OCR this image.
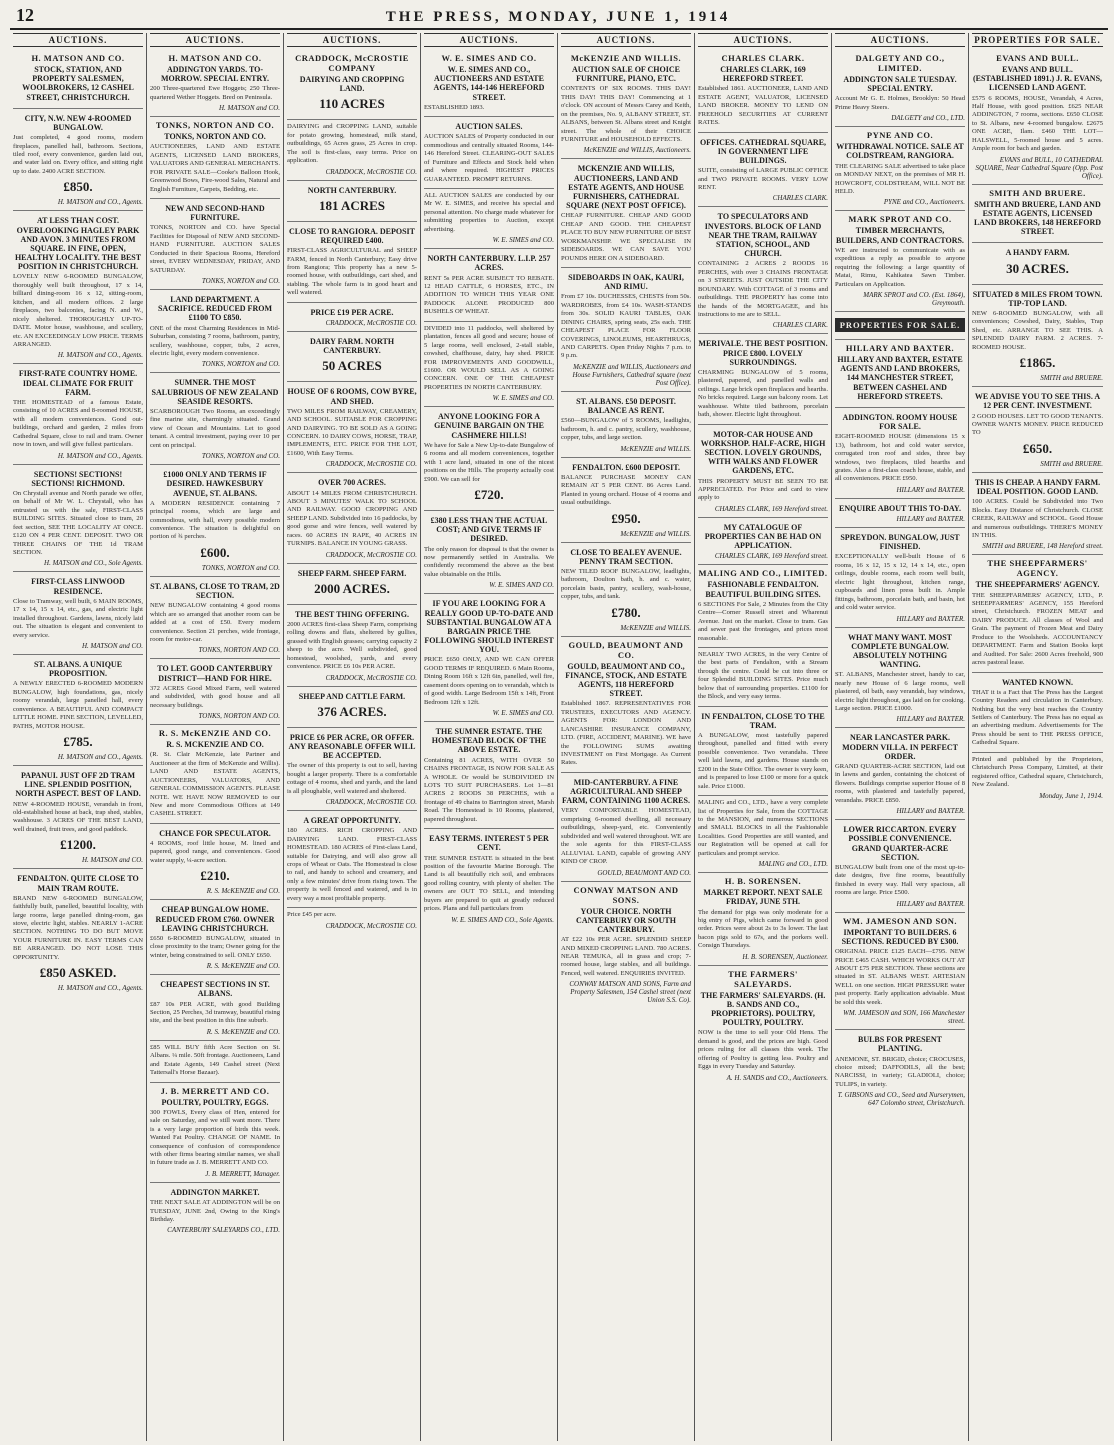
12	THE PRESS, MONDAY, JUNE 1, 1914
AUCTIONS.
H. MATSON AND CO.
STOCK, STATION, AND PROPERTY SALESMEN, WOOLBROKERS, 12 CASHEL STREET, CHRISTCHURCH.
CITY, N.W. NEW 4-ROOMED BUNGALOW.
Just completed, 4 good rooms, modern fireplaces, panelled hall, bathroom. Sections, tiled roof, every convenience, garden laid out, and water laid on. Every office, and sitting right up to date. 2400 ACRE SECTION.
£850.
H. MATSON and CO., Agents.
AT LESS THAN COST. OVERLOOKING HAGLEY PARK AND AVON. 3 MINUTES FROM SQUARE. IN FINE, OPEN, HEALTHY LOCALITY. THE BEST POSITION IN CHRISTCHURCH.
LOVELY NEW 6-ROOMED BUNGALOW, thoroughly well built throughout, 17 x 14, billiard dining-room 16 x 12, sitting-room, kitchen, and all modern offices. 2 large fireplaces, two balconies, facing N. and W., nicely sheltered. THOROUGHLY UP-TO-DATE. Motor house, washhouse, and scullery, etc. AN EXCEEDINGLY LOW PRICE. TERMS ARRANGED.
H. MATSON and CO., Agents.
FIRST-RATE COUNTRY HOME. IDEAL CLIMATE FOR FRUIT FARM.
THE HOMESTEAD of a famous Estate, consisting of 10 ACRES and 8-roomed HOUSE, with all modern conveniences. Good out-buildings, orchard and garden, 2 miles from Cathedral Square, close to rail and tram. Owner now in town, and will give fullest particulars.
H. MATSON and CO., Agents.
SECTIONS! SECTIONS! SECTIONS! RICHMOND.
On Chrystall avenue and North parade we offer, on behalf of Mr W. L. Chrystall, who has entrusted us with the sale, FIRST-CLASS BUILDING SITES. Situated close to tram, 20 feet section, SEE THE LOCALITY AT ONCE. £120 ON 4 PER CENT. DEPOSIT. TWO OR THREE CHAINS OF THE 1d TRAM SECTION.
H. MATSON and CO., Sole Agents.
FIRST-CLASS LINWOOD RESIDENCE.
Close to Tramway, well built, 6 MAIN ROOMS, 17 x 14, 15 x 14, etc., gas, and electric light installed throughout. Gardens, lawns, nicely laid out. The situation is elegant and convenient to every service.
H. MATSON and CO.
ST. ALBANS. A UNIQUE PROPOSITION.
A NEWLY ERECTED 6-ROOMED MODERN BUNGALOW, high foundations, gas, nicely roomy verandah, large panelled hall, every convenience. A BEAUTIFUL AND COMPACT LITTLE HOME. FINE SECTION, LEVELLED, PATHS, MOTOR HOUSE.
£785.
H. MATSON and CO., Agents.
PAPANUI. JUST OFF 2D TRAM LINE. SPLENDID POSITION, NORTH ASPECT. BEST OF LAND.
NEW 4-ROOMED HOUSE, verandah in front, old-established house at back, trap shed, stables, washhouse. 3 ACRES OF THE BEST LAND, well drained, fruit trees, and good paddock.
£1200.
H. MATSON and CO.
FENDALTON. QUITE CLOSE TO MAIN TRAM ROUTE.
BRAND NEW 6-ROOMED BUNGALOW, faithfully built, panelled, beautiful locality, with large rooms, large panelled dining-room, gas stove, electric light, stables. NEARLY 1-ACRE SECTION. NOTHING TO DO BUT MOVE YOUR FURNITURE IN. EASY TERMS CAN BE ARRANGED. DO NOT LOSE THIS OPPORTUNITY.
£850 ASKED.
H. MATSON and CO., Agents.
AUCTIONS.
H. MATSON AND CO.
ADDINGTON YARDS. TO-MORROW. SPECIAL ENTRY.
200 Three-quartered Ewe Hoggets; 250 Three-quartered Wether Hoggets. Bred on Peninsula.
H. MATSON and CO.
TONKS, NORTON AND CO.
TONKS, NORTON AND CO.
AUCTIONEERS, LAND AND ESTATE AGENTS, LICENSED LAND BROKERS, VALUATORS AND GENERAL MERCHANTS. FOR PRIVATE SALE—Cooke's Balloon Hook, Greenwood Bows, Fire-wood Sales, Natural and English Furniture, Carpets, Bedding, etc.
NEW AND SECOND-HAND FURNITURE.
TONKS, NORTON and CO. have Special Facilities for Disposal of NEW AND SECOND-HAND FURNITURE. AUCTION SALES Conducted in their Spacious Rooms, Hereford street, EVERY WEDNESDAY, FRIDAY, AND SATURDAY.
TONKS, NORTON and CO.
LAND DEPARTMENT. A SACRIFICE. REDUCED FROM £1100 TO £850.
ONE of the most Charming Residences in Mid-Suburban, consisting 7 rooms, bathroom, pantry, scullery, washhouse, copper, tubs, 2 acres, electric light, every modern convenience.
TONKS, NORTON and CO.
SUMNER. THE MOST SALUBRIOUS OF NEW ZEALAND SEASIDE RESORTS.
SCARBOROUGH Two Rooms, an exceedingly fine marine site, charmingly situated. Grand view of Ocean and Mountains. Let to good tenant. A central investment, paying over 10 per cent on principal.
TONKS, NORTON and CO.
£1000 ONLY AND TERMS IF DESIRED. HAWKESBURY AVENUE, ST. ALBANS.
A MODERN RESIDENCE containing 7 principal rooms, which are large and commodious, with hall, every possible modern convenience. The situation is delightful on portion of ¾ perches.
£600.
TONKS, NORTON and CO.
ST. ALBANS, CLOSE TO TRAM, 2D SECTION.
NEW BUNGALOW containing 4 good rooms which are so arranged that another room can be added at a cost of £50. Every modern convenience. Section 21 perches, wide frontage, room for motor-car.
TONKS, NORTON AND CO.
TO LET. GOOD CANTERBURY DISTRICT—HAND FOR HIRE.
372 ACRES Good Mixed Farm, well watered and subdivided, with good house and all necessary buildings.
TONKS, NORTON AND CO.
R. S. McKENZIE AND CO.
R. S. MCKENZIE AND CO.
(R. St. Clair McKenzie, late Partner and Auctioneer at the firm of McKenzie and Willis). LAND AND ESTATE AGENTS, AUCTIONEERS, VALUATORS, AND GENERAL COMMISSION AGENTS. PLEASE NOTE. WE HAVE NOW REMOVED to our New and more Commodious Offices at 149 CASHEL STREET.
CHANCE FOR SPECULATOR.
4 ROOMS, roof little house, M. lined and papered, good range, and conveniences. Good water supply, ¼-acre section.
£210.
R. S. McKENZIE and CO.
CHEAP BUNGALOW HOME. REDUCED FROM £760. OWNER LEAVING CHRISTCHURCH.
£650 6-ROOMED BUNGALOW, situated in close proximity to the tram; Owner going for the winter, being constrained to sell. ONLY £650.
R. S. McKENZIE and CO.
CHEAPEST SECTIONS IN ST. ALBANS.
£87 10s PER ACRE, with good Building Section, 25 Perches, 3d tramway, beautiful rising site, and the best position in this fine suburb.
R. S. McKENZIE and CO.
£85 WILL BUY fifth Acre Section on St. Albans. ¼ mile. 50ft frontage. Auctioneers, Land and Estate Agents, 149 Cashel street (Next Tattersall's Horse Bazaar).
J. B. MERRETT AND CO.
POULTRY, POULTRY, EGGS.
300 FOWLS, Every class of Hen, entered for sale on Saturday, and we still want more. There is a very large proportion of birds this week. Wanted Fat Poultry. CHANGE OF NAME. In consequence of confusion of correspondence with other firms bearing similar names, we shall in future trade as J. B. MERRETT AND CO.
J. B. MERRETT, Manager.
ADDINGTON MARKET.
THE NEXT SALE AT ADDINGTON will be on TUESDAY, JUNE 2nd, Owing to the King's Birthday.
CANTERBURY SALEYARDS CO., LTD.
AUCTIONS.
CRADDOCK, McCROSTIE COMPANY
DAIRYING AND CROPPING LAND.
110 ACRES
DAIRYING and CROPPING LAND, suitable for potato growing, homestead, milk stand, outbuildings, 65 Acres grass, 25 Acres in crop. The soil is first-class, easy terms. Price on application.
CRADDOCK, McCROSTIE CO.
NORTH CANTERBURY.
181 ACRES
CLOSE TO RANGIORA. DEPOSIT REQUIRED £400.
FIRST-CLASS AGRICULTURAL and SHEEP FARM, fenced in North Canterbury; Easy drive from Rangiora; This property has a new 5-roomed house, with outbuildings, cart shed, and stabling. The whole farm is in good heart and well watered.
PRICE £19 PER ACRE.
CRADDOCK, McCROSTIE CO.
DAIRY FARM. NORTH CANTERBURY.
50 ACRES
HOUSE OF 6 ROOMS, COW BYRE, AND SHED.
TWO MILES FROM RAILWAY, CREAMERY, AND SCHOOL. SUITABLE FOR CROPPING AND DAIRYING. TO BE SOLD AS A GOING CONCERN. 10 DAIRY COWS, HORSE, TRAP, IMPLEMENTS, ETC. PRICE FOR THE LOT, £1600, With Easy Terms.
CRADDOCK, McCROSTIE CO.
OVER 700 ACRES.
ABOUT 14 MILES FROM CHRISTCHURCH. ABOUT 3 MINUTES' WALK TO SCHOOL AND RAILWAY. GOOD CROPPING AND SHEEP LAND. Subdivided into 16 paddocks, by good gorse and wire fences, well watered by races. 60 ACRES IN RAPE, 40 ACRES IN TURNIPS. BALANCE IN YOUNG GRASS.
CRADDOCK, McCROSTIE CO.
SHEEP FARM. SHEEP FARM.
2000 ACRES.
THE BEST THING OFFERING.
2000 ACRES first-class Sheep Farm, comprising rolling downs and flats, sheltered by gullies, grassed with English grasses; carrying capacity 2 sheep to the acre. Well subdivided, good homestead, woolshed, yards, and every convenience. PRICE £6 10s PER ACRE.
CRADDOCK, McCROSTIE CO.
SHEEP AND CATTLE FARM.
376 ACRES.
PRICE £6 PER ACRE, OR OFFER. ANY REASONABLE OFFER WILL BE ACCEPTED.
The owner of this property is out to sell, having bought a larger property. There is a comfortable cottage of 4 rooms, shed and yards, and the land is all ploughable, well watered and sheltered.
CRADDOCK, McCROSTIE CO.
A GREAT OPPORTUNITY.
180 ACRES. RICH CROPPING AND DAIRYING LAND. FIRST-CLASS HOMESTEAD. 180 ACRES of First-class Land, suitable for Dairying, and will also grow all crops of Wheat or Oats. The Homestead is close to rail, and handy to school and creamery, and only a few minutes' drive from rising town. The property is well fenced and watered, and is in every way a most profitable property.
Price £45 per acre.
CRADDOCK, McCROSTIE CO.
AUCTIONS.
W. E. SIMES AND CO.
W. E. SIMES AND CO., AUCTIONEERS AND ESTATE AGENTS, 144-146 HEREFORD STREET.
ESTABLISHED 1893.
AUCTION SALES.
AUCTION SALES of Property conducted in our commodious and centrally situated Rooms, 144-146 Hereford Street. CLEARING-OUT SALES of Furniture and Effects and Stock held when and where required. HIGHEST PRICES GUARANTEED. PROMPT RETURNS.
ALL AUCTION SALES are conducted by our Mr W. E. SIMES, and receive his special and personal attention. No charge made whatever for submitting properties to Auction, except advertising.
W. E. SIMES and CO.
NORTH CANTERBURY. L.I.P. 257 ACRES.
RENT 5s PER ACRE SUBJECT TO REBATE. 12 HEAD CATTLE, 6 HORSES, ETC., IN ADDITION TO WHICH THIS YEAR ONE PADDOCK ALONE PRODUCED 800 BUSHELS OF WHEAT.
DIVIDED into 11 paddocks, well sheltered by plantation, fences all good and secure; house of 5 large rooms, well enclosed, 2-stall stable, cowshed, chaffhouse, dairy, hay shed. PRICE FOR IMPROVEMENTS AND GOODWILL, £1600. OR WOULD SELL AS A GOING CONCERN. ONE OF THE CHEAPEST PROPERTIES IN NORTH CANTERBURY.
W. E. SIMES and CO.
ANYONE LOOKING FOR A GENUINE BARGAIN ON THE CASHMERE HILLS!
We have for Sale a New Up-to-date Bungalow of 6 rooms and all modern conveniences, together with 1 acre land, situated in one of the nicest positions on the Hills. The property actually cost £900. We can sell for
£720.
£380 LESS THAN THE ACTUAL COST; AND GIVE TERMS IF DESIRED.
The only reason for disposal is that the owner is now permanently settled in Australia. We confidently recommend the above as the best value obtainable on the Hills.
W. E. SIMES AND CO.
IF YOU ARE LOOKING FOR A REALLY GOOD UP-TO-DATE AND SUBSTANTIAL BUNGALOW AT A BARGAIN PRICE THE FOLLOWING SHOULD INTEREST YOU.
PRICE £650 ONLY, AND WE CAN OFFER GOOD TERMS IF REQUIRED. 6 Main Rooms, Dining Room 16ft x 12ft 6in, panelled, well fire, casement doors opening on to verandah, which is of good width. Large Bedroom 15ft x 14ft, Front Bedroom 12ft x 12ft.
W. E. SIMES and CO.
THE SUMNER ESTATE. THE HOMESTEAD BLOCK OF THE ABOVE ESTATE.
Containing 81 ACRES, WITH OVER 50 CHAINS FRONTAGE, IS NOW FOR SALE AS A WHOLE. Or would be SUBDIVIDED IN LOTS TO SUIT PURCHASERS. Lot 1—81 ACRES 2 ROODS 38 PERCHES, with a frontage of 49 chains to Barrington street, Marsh Road. The Homestead is 10 Rooms, plastered, papered throughout.
EASY TERMS. INTEREST 5 PER CENT.
THE SUMNER ESTATE is situated in the best position of the favourite Marine Borough. The Land is all beautifully rich soil, and embraces good rolling country, with plenty of shelter. The owners are OUT TO SELL, and intending buyers are prepared to quit at greatly reduced prices. Plans and full particulars from
W. E. SIMES AND CO., Sole Agents.
AUCTIONS.
McKENZIE AND WILLIS.
AUCTION SALE OF CHOICE FURNITURE, PIANO, ETC.
CONTENTS OF SIX ROOMS. THIS DAY! THIS DAY! THIS DAY! Commencing at 1 o'clock. ON account of Messrs Carey and Keith, on the premises, No. 9, ALBANY STREET, ST. ALBANS, between St. Albans street and Knight street. The whole of their CHOICE FURNITURE and HOUSEHOLD EFFECTS.
McKENZIE and WILLIS, Auctioneers.
MCKENZIE AND WILLIS, AUCTIONEERS, LAND AND ESTATE AGENTS, AND HOUSE FURNISHERS, CATHEDRAL SQUARE (NEXT POST OFFICE).
CHEAP FURNITURE. CHEAP AND GOOD CHEAP AND GOOD. THE CHEAPEST PLACE TO BUY NEW FURNITURE OF BEST WORKMANSHIP. WE SPECIALISE IN SIDEBOARDS. WE CAN SAVE YOU POUNDS HERE ON A SIDEBOARD.
SIDEBOARDS IN OAK, KAURI, AND RIMU.
From £7 10s. DUCHESSES, CHESTS from 50s. WARDROBES, from £4 10s. WASH-STANDS from 30s. SOLID KAURI TABLES, OAK DINING CHAIRS, spring seats, 25s each. THE CHEAPEST PLACE FOR FLOOR COVERINGS, LINOLEUMS, HEARTHRUGS, AND CARPETS. Open Friday Nights 7 p.m. to 9 p.m.
McKENZIE and WILLIS, Auctioneers and House Furnishers, Cathedral square (next Post Office).
ST. ALBANS. £50 DEPOSIT. BALANCE AS RENT.
£560—BUNGALOW of 5 ROOMS, leadlights, bathroom, h. and c. pantry, scullery, washhouse, copper, tubs, and large section.
McKENZIE and WILLIS.
FENDALTON. £600 DEPOSIT.
BALANCE PURCHASE MONEY CAN REMAIN AT 5 PER CENT. 86 Acres Land. Planted in young orchard. House of 4 rooms and usual outbuildings.
£950.
McKENZIE and WILLIS.
CLOSE TO BEALEY AVENUE. PENNY TRAM SECTION.
NEW TILED ROOF BUNGALOW, leadlights, bathroom, Doulton bath, h. and c. water, porcelain basin, pantry, scullery, wash-house, copper, tubs, and tank.
£780.
McKENZIE and WILLIS.
GOULD, BEAUMONT AND CO.
GOULD, BEAUMONT AND CO., FINANCE, STOCK, AND ESTATE AGENTS, 118 HEREFORD STREET.
Established 1867. REPRESENTATIVES FOR TRUSTEES, EXECUTORS AND AGENCY. AGENTS FOR: LONDON AND LANCASHIRE INSURANCE COMPANY, LTD. (FIRE, ACCIDENT, MARINE). WE have the FOLLOWING SUMS awaiting INVESTMENT on First Mortgage. As Current Rates.
MID-CANTERBURY. A FINE AGRICULTURAL AND SHEEP FARM, CONTAINING 1100 ACRES.
VERY COMFORTABLE HOMESTEAD, comprising 6-roomed dwelling, all necessary outbuildings, sheep-yard, etc. Conveniently subdivided and well watered throughout. WE are the sole agents for this FIRST-CLASS ALLUVIAL LAND, capable of growing ANY KIND OF CROP.
GOULD, BEAUMONT AND CO.
CONWAY MATSON AND SONS.
YOUR CHOICE. NORTH CANTERBURY OR SOUTH CANTERBURY.
AT £22 10s PER ACRE. SPLENDID SHEEP AND MIXED CROPPING LAND. 780 ACRES. NEAR TEMUKA, all in grass and crop; 7-roomed house, large stables, and all buildings. Fenced, well watered. ENQUIRIES INVITED.
CONWAY MATSON AND SONS, Farm and Property Salesmen, 154 Cashel street (next Union S.S. Co).
AUCTIONS.
CHARLES CLARK.
CHARLES CLARK, 169 HEREFORD STREET.
Established 1861. AUCTIONEER, LAND AND ESTATE AGENT, VALUATOR, LICENSED LAND BROKER. MONEY TO LEND ON FREEHOLD SECURITIES AT CURRENT RATES.
OFFICES. CATHEDRAL SQUARE, IN GOVERNMENT LIFE BUILDINGS.
SUITE, consisting of LARGE PUBLIC OFFICE and TWO PRIVATE ROOMS. VERY LOW RENT.
CHARLES CLARK.
TO SPECULATORS AND INVESTORS. BLOCK OF LAND NEAR THE TRAM, RAILWAY STATION, SCHOOL, AND CHURCH.
CONTAINING 2 ACRES 2 ROODS 16 PERCHES, with over 3 CHAINS FRONTAGE on 3 STREETS. JUST OUTSIDE THE CITY BOUNDARY. With COTTAGE of 3 rooms and outbuildings. THE PROPERTY has come into the hands of the MORTGAGEE, and his instructions to me are to SELL.
CHARLES CLARK.
MERIVALE. THE BEST POSITION. PRICE £800. LOVELY SURROUNDINGS.
CHARMING BUNGALOW of 5 rooms, plastered, papered, and panelled walls and ceilings. Large brick open fireplaces and hearths. No bricks required. Large sun balcony room. Let washhouse. White tiled bathroom, porcelain bath, shower. Electric light throughout.
MOTOR-CAR HOUSE AND WORKSHOP. HALF-ACRE, HIGH SECTION. LOVELY GROUNDS, WITH WALKS AND FLOWER GARDENS, ETC.
THIS PROPERTY MUST BE SEEN TO BE APPRECIATED. For Price and card to view apply to
CHARLES CLARK, 169 Hereford street.
MY CATALOGUE OF PROPERTIES CAN BE HAD ON APPLICATION.
CHARLES CLARK, 169 Hereford street.
MALING AND CO., LIMITED.
FASHIONABLE FENDALTON. BEAUTIFUL BUILDING SITES.
6 SECTIONS For Sale, 2 Minutes from the City Centre—Corner Russell street and Wharenui Avenue. Just on the market. Close to tram. Gas and sewer past the frontages, and prices most reasonable.
NEARLY TWO ACRES, in the very Centre of the best parts of Fendalton, with a Stream through the centre. Could be cut into three or four Splendid BUILDING SITES. Price much below that of surrounding properties. £1100 for the Block, and very easy terms.
IN FENDALTON, CLOSE TO THE TRAM.
A BUNGALOW, most tastefully papered throughout, panelled and fitted with every possible convenience. Two verandahs. Three well laid lawns, and gardens. House stands on £200 in the State Office. The owner is very keen, and is prepared to lose £100 or more for a quick sale. Price £1000.
MALING and CO., LTD., have a very complete list of Properties for Sale, from the COTTAGE to the MANSION, and numerous SECTIONS and SMALL BLOCKS in all the Fashionable Localities. Good Properties are still wanted, and our Registration will be opened at call for particulars and prompt service.
MALING and CO., LTD.
H. B. SORENSEN.
MARKET REPORT. NEXT SALE FRIDAY, JUNE 5TH.
The demand for pigs was only moderate for a big entry of Pigs, which came forward in good order. Prices were about 2s to 3s lower. The last bacon pigs sold to 67s, and the porkers well. Consign Thursdays.
H. B. SORENSEN, Auctioneer.
THE FARMERS' SALEYARDS.
THE FARMERS' SALEYARDS. (H. B. SANDS AND CO., PROPRIETORS). POULTRY, POULTRY, POULTRY.
NOW is the time to sell your Old Hens. The demand is good, and the prices are high. Good prices ruling for all classes this week. The offering of Poultry is getting less. Poultry and Eggs in every Tuesday and Saturday.
A. H. SANDS and CO., Auctioneers.
AUCTIONS.
DALGETY AND CO., LIMITED.
ADDINGTON SALE TUESDAY. SPECIAL ENTRY.
Account Mr G. E. Holmes, Brooklyn: 50 Head Prime Heavy Steers.
DALGETY and CO., LTD.
PYNE AND CO.
WITHDRAWAL NOTICE. SALE AT COLDSTREAM, RANGIORA.
THE CLEARING SALE advertised to take place on MONDAY NEXT, on the premises of MR H. HOWCROFT, COLDSTREAM, WILL NOT BE HELD.
PYNE and CO., Auctioneers.
MARK SPROT AND CO.
TIMBER MERCHANTS, BUILDERS, AND CONTRACTORS.
WE are instructed to communicate with as expeditious a reply as possible to anyone requiring the following: a large quantity of Matai, Rimu, Kahikatea Sawn Timber. Particulars on Application.
MARK SPROT and CO. (Est. 1864), Greymouth.
PROPERTIES FOR SALE.
HILLARY AND BAXTER.
HILLARY AND BAXTER, ESTATE AGENTS AND LAND BROKERS, 144 MANCHESTER STREET, BETWEEN CASHEL AND HEREFORD STREETS.
ADDINGTON. ROOMY HOUSE FOR SALE.
EIGHT-ROOMED HOUSE (dimensions 15 x 13), bathroom, hot and cold water service, corrugated iron roof and sides, three bay windows, two fireplaces, tiled hearths and grates. Also a first-class coach house, stable, and all conveniences. PRICE £950.
HILLARY and BAXTER.
ENQUIRE ABOUT THIS TO-DAY.
HILLARY and BAXTER.
SPREYDON. BUNGALOW, JUST FINISHED.
EXCEPTIONALLY well-built House of 6 rooms, 16 x 12, 15 x 12, 14 x 14, etc., open ceilings, double rooms, each room well built, electric light throughout, kitchen range, cupboards and linen press built in. Ample fittings, bathroom, porcelain bath, and basin, hot and cold water service.
HILLARY and BAXTER.
WHAT MANY WANT. MOST COMPLETE BUNGALOW. ABSOLUTELY NOTHING WANTING.
ST. ALBANS, Manchester street, handy to car, nearly new House of 6 large rooms, well plastered, oil bath, easy verandah, bay windows, electric light throughout, gas laid on for cooking. Large section. PRICE £1000.
HILLARY and BAXTER.
NEAR LANCASTER PARK. MODERN VILLA. IN PERFECT ORDER.
GRAND QUARTER-ACRE SECTION, laid out in lawns and garden, containing the choicest of flowers. Buildings comprise superior House of 8 rooms, with plastered and tastefully papered, verandahs. PRICE £850.
HILLARY and BAXTER.
LOWER RICCARTON. EVERY POSSIBLE CONVENIENCE. GRAND QUARTER-ACRE SECTION.
BUNGALOW built from one of the most up-to-date designs, five fine rooms, beautifully finished in every way. Hall very spacious, all rooms are large. Price £500.
HILLARY and BAXTER.
WM. JAMESON AND SON.
IMPORTANT TO BUILDERS. 6 SECTIONS. REDUCED BY £300.
ORIGINAL PRICE £125 EACH—£795. NEW PRICE £465 CASH. WHICH WORKS OUT AT ABOUT £75 PER SECTION. These sections are situated in ST. ALBANS WEST. ARTESIAN WELL on one section. HIGH PRESSURE water past property. Early application advisable. Must be sold this week.
WM. JAMESON and SON, 166 Manchester street.
BULBS FOR PRESENT PLANTING.
ANEMONE, ST. BRIGID, choice; CROCUSES, choice mixed; DAFFODILS, all the best; NARCISSI, in variety; GLADIOLI, choice; TULIPS, in variety.
T. GIBSONS and CO., Seed and Nurserymen, 647 Colombo street, Christchurch.
PROPERTIES FOR SALE.
EVANS AND BULL.
EVANS AND BULL. (ESTABLISHED 1891.) J. R. EVANS, LICENSED LAND AGENT.
£575 6 ROOMS, HOUSE, Verandah, 4 Acres, Half House, with good position. £625 NEAR ADDINGTON, 7 rooms, sections. £650 CLOSE to St. Albans, new 4-roomed bungalow. £2675 ONE ACRE, Ilam. £460 THE LOT—HALSWELL, 5-roomed house and 5 acres. Ample room for bach and garden.
EVANS and BULL, 10 CATHEDRAL SQUARE, Near Cathedral Square (Opp. Post Office).
SMITH AND BRUERE.
SMITH AND BRUERE, LAND AND ESTATE AGENTS, LICENSED LAND BROKERS, 148 HEREFORD STREET.
A HANDY FARM.
30 ACRES.
SITUATED 8 MILES FROM TOWN. TIP-TOP LAND.
NEW 6-ROOMED BUNGALOW, with all conveniences; Cowshed, Dairy, Stables, Trap Shed, etc. ARRANGE TO SEE THIS. A SPLENDID DAIRY FARM. 2 ACRES. 7-ROOMED HOUSE.
£1865.
SMITH and BRUERE.
WE ADVISE YOU TO SEE THIS. A 12 PER CENT. INVESTMENT.
2 GOOD HOUSES. LET TO GOOD TENANTS. OWNER WANTS MONEY. PRICE REDUCED TO
£650.
SMITH and BRUERE.
THIS IS CHEAP. A HANDY FARM. IDEAL POSITION. GOOD LAND.
100 ACRES. Could be Subdivided into Two Blocks. Easy Distance of Christchurch. CLOSE CREEK, RAILWAY and SCHOOL. Good House and numerous outbuildings. THERE'S MONEY IN THIS.
SMITH and BRUERE, 148 Hereford street.
THE SHEEPFARMERS' AGENCY.
THE SHEEPFARMERS' AGENCY.
THE SHEEPFARMERS' AGENCY, LTD., P. SHEEPFARMERS' AGENCY, 155 Hereford street, Christchurch. FROZEN MEAT and DAIRY PRODUCE. All classes of Wool and Grain. The payment of Frozen Meat and Dairy Produce to the Woolsheds. ACCOUNTANCY DEPARTMENT. Farm and Station Books kept and Audited. For Sale: 2600 Acres freehold, 900 acres pastoral lease.
WANTED KNOWN.
THAT it is a Fact that The Press has the Largest Country Readers and circulation in Canterbury. Nothing but the very best reaches the Country Settlers of Canterbury. The Press has no equal as an advertising medium. Advertisements for The Press should be sent to THE PRESS OFFICE, Cathedral Square.
Printed and published by the Proprietors, Christchurch Press Company, Limited, at their registered office, Cathedral square, Christchurch, New Zealand.
Monday, June 1, 1914.
